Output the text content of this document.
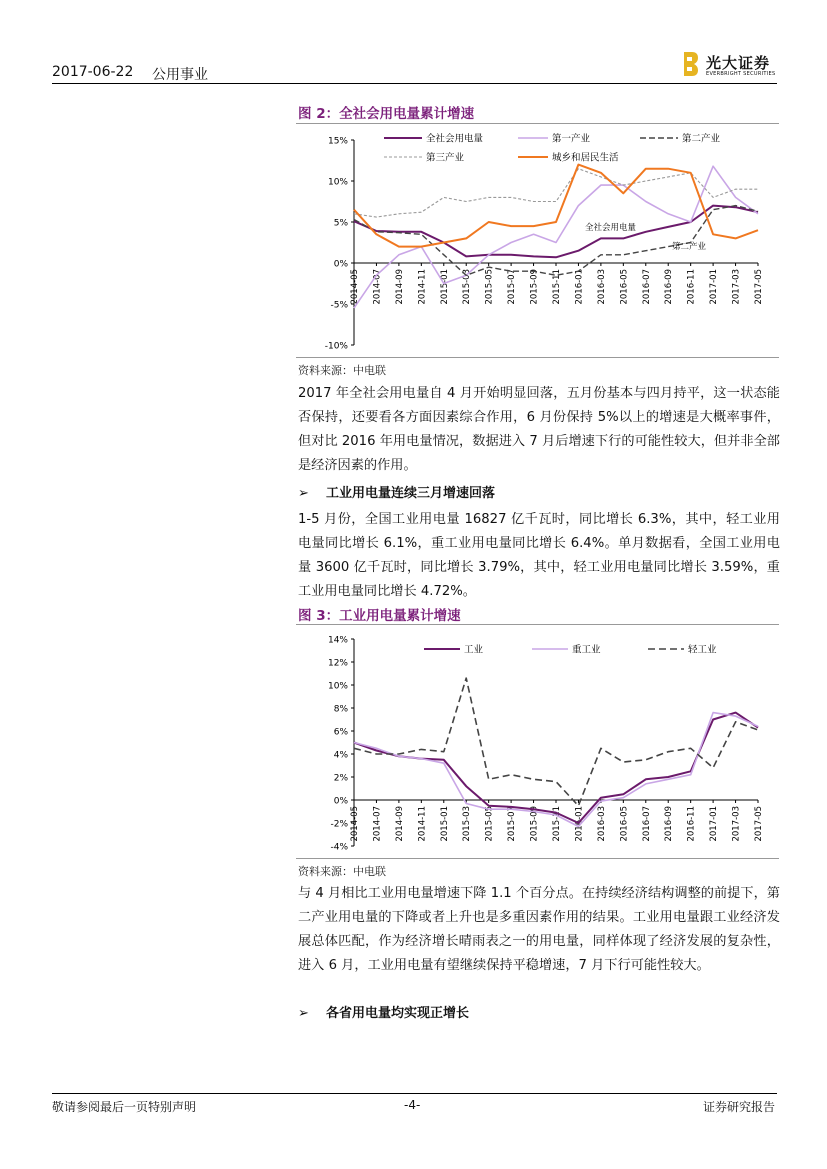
2017-06-22 公用事业
光大证券
EVERBRIGHT SECURITIES
图 2：全社会用电量累计增速
15%
10%
5%
0%
-5%
-10%
2014-05 2014-07 2014-09 2014-11 2015-01 2015-03 2015-05 2015-07 2015-09 2015-11 2016-01 2016-03 2016-05 2016-07 2016-09 2016-11 2017-01 2017-03 2017-05
全社会用电量	第一产业	第二产业
第三产业	城乡和居民生活
全社会用电量
第二产业
资料来源：中电联
2017 年全社会用电量自 4 月开始明显回落，五月份基本与四月持平，这一状态能否保持，还要看各方面因素综合作用，6 月份保持 5%以上的增速是大概率事件，但对比 2016 年用电量情况，数据进入 7 月后增速下行的可能性较大，但并非全部是经济因素的作用。
➢ 工业用电量连续三月增速回落
1-5 月份，全国工业用电量 16827 亿千瓦时，同比增长 6.3%，其中，轻工业用电量同比增长 6.1%，重工业用电量同比增长 6.4%。单月数据看，全国工业用电量 3600 亿千瓦时，同比增长 3.79%，其中，轻工业用电量同比增长 3.59%，重工业用电量同比增长 4.72%。
图 3：工业用电量累计增速
14%
12%
10%
8%
6%
4%
2%
0%
-2%
-4%
2014-05 2014-07 2014-09 2014-11 2015-01 2015-03 2015-05 2015-07 2015-09 2015-11 2016-01 2016-03 2016-05 2016-07 2016-09 2016-11 2017-01 2017-03 2017-05
工业	重工业	轻工业
资料来源：中电联
与 4 月相比工业用电量增速下降 1.1 个百分点。在持续经济结构调整的前提下，第二产业用电量的下降或者上升也是多重因素作用的结果。工业用电量跟工业经济发展总体匹配，作为经济增长晴雨表之一的用电量，同样体现了经济发展的复杂性，进入 6 月，工业用电量有望继续保持平稳增速，7 月下行可能性较大。
➢ 各省用电量均实现正增长
敬请参阅最后一页特别声明	-4-	证券研究报告
